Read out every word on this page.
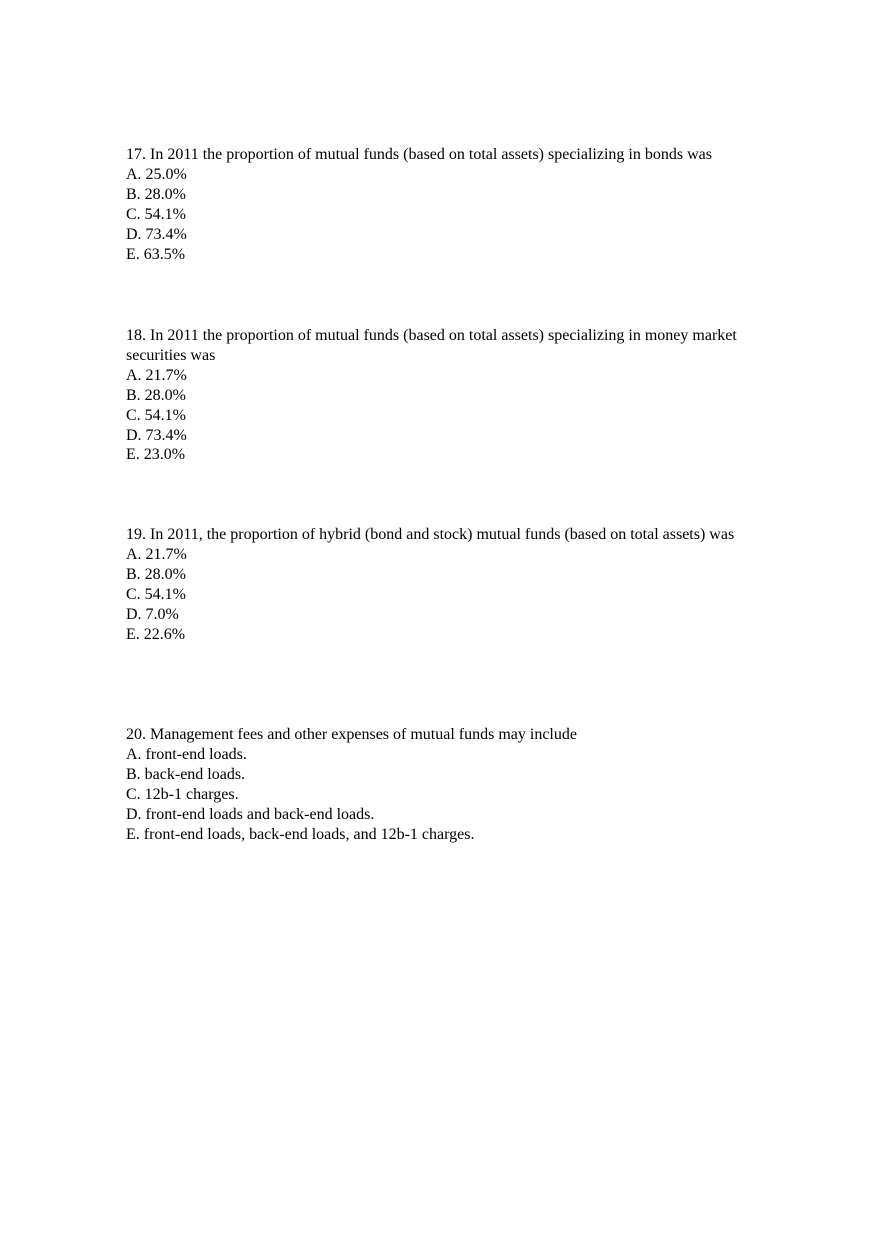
17. In 2011 the proportion of mutual funds (based on total assets) specializing in bonds was
A. 25.0%
B. 28.0%
C. 54.1%
D. 73.4%
E. 63.5%
18. In 2011 the proportion of mutual funds (based on total assets) specializing in money market securities was
A. 21.7%
B. 28.0%
C. 54.1%
D. 73.4%
E. 23.0%
19. In 2011, the proportion of hybrid (bond and stock) mutual funds (based on total assets) was
A. 21.7%
B. 28.0%
C. 54.1%
D. 7.0%
E. 22.6%
20. Management fees and other expenses of mutual funds may include
A. front-end loads.
B. back-end loads.
C. 12b-1 charges.
D. front-end loads and back-end loads.
E. front-end loads, back-end loads, and 12b-1 charges.
